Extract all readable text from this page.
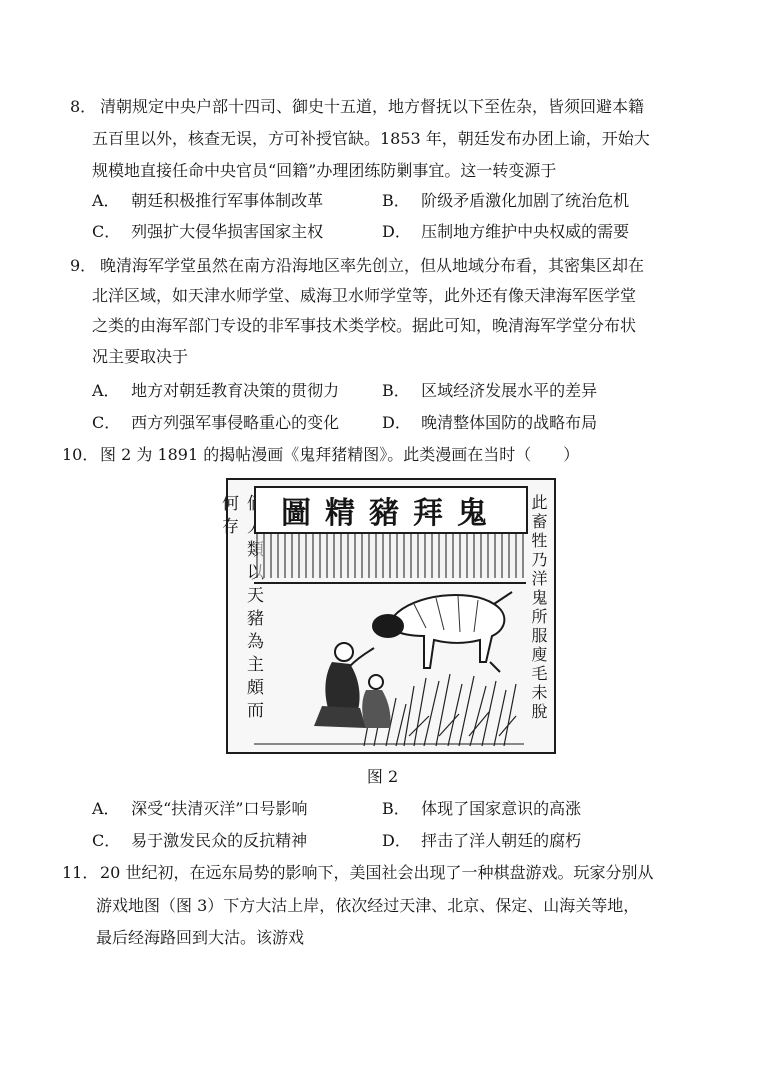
8． 清朝规定中央户部十四司、御史十五道，地方督抚以下至佐杂，皆须回避本籍
五百里以外，核查无误，方可补授官缺。1853 年，朝廷发布办团上谕，开始大
规模地直接任命中央官员“回籍”办理团练防剿事宜。这一转变源于
A． 朝廷积极推行军事体制改革	B． 阶级矛盾激化加剧了统治危机
C． 列强扩大侵华损害国家主权	D． 压制地方维护中央权威的需要
9． 晚清海军学堂虽然在南方沿海地区率先创立，但从地域分布看，其密集区却在
北洋区域，如天津水师学堂、威海卫水师学堂等，此外还有像天津海军医学堂
之类的由海军部门专设的非军事技术类学校。据此可知，晚清海军学堂分布状
况主要取决于
A． 地方对朝廷教育决策的贯彻力	B． 区域经济发展水平的差异
C． 西方列强军事侵略重心的变化	D． 晚清整体国防的战略布局
10． 图 2 为 1891 的揭帖漫画《鬼拜猪精图》。此类漫画在当时（　　）
圖精豬拜鬼	此畜牲乃洋鬼所服廋毛未脫
图 2
A． 深受“扶清灭洋”口号影响	B． 体现了国家意识的高涨
C． 易于激发民众的反抗精神	D． 抨击了洋人朝廷的腐朽
11． 20 世纪初，在远东局势的影响下，美国社会出现了一种棋盘游戏。玩家分别从
游戏地图（图 3）下方大沽上岸，依次经过天津、北京、保定、山海关等地，
最后经海路回到大沽。该游戏
